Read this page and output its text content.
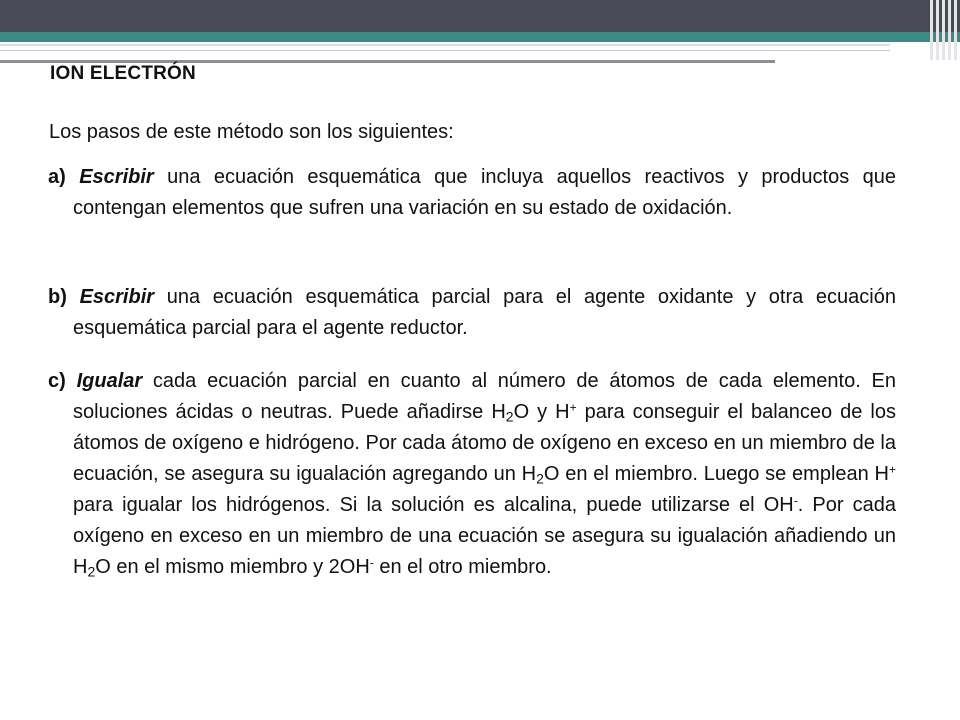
ION ELECTRÓN
Los pasos de este método son los siguientes:
a) Escribir una ecuación esquemática que incluya aquellos reactivos y productos que contengan elementos que sufren una variación en su estado de oxidación.
b) Escribir una ecuación esquemática parcial para el agente oxidante y otra ecuación esquemática parcial para el agente reductor.
c) Igualar cada ecuación parcial en cuanto al número de átomos de cada elemento. En soluciones ácidas o neutras. Puede añadirse $H_2O$ y H+ para conseguir el balanceo de los átomos de oxígeno e hidrógeno. Por cada átomo de oxígeno en exceso en un miembro de la ecuación, se asegura su igualación agregando un $H_2O$ en el miembro. Luego se emplean H+ para igualar los hidrógenos. Si la solución es alcalina, puede utilizarse el OH-. Por cada oxígeno en exceso en un miembro de una ecuación se asegura su igualación añadiendo un $H_2O$ en el mismo miembro y 2OH- en el otro miembro.
